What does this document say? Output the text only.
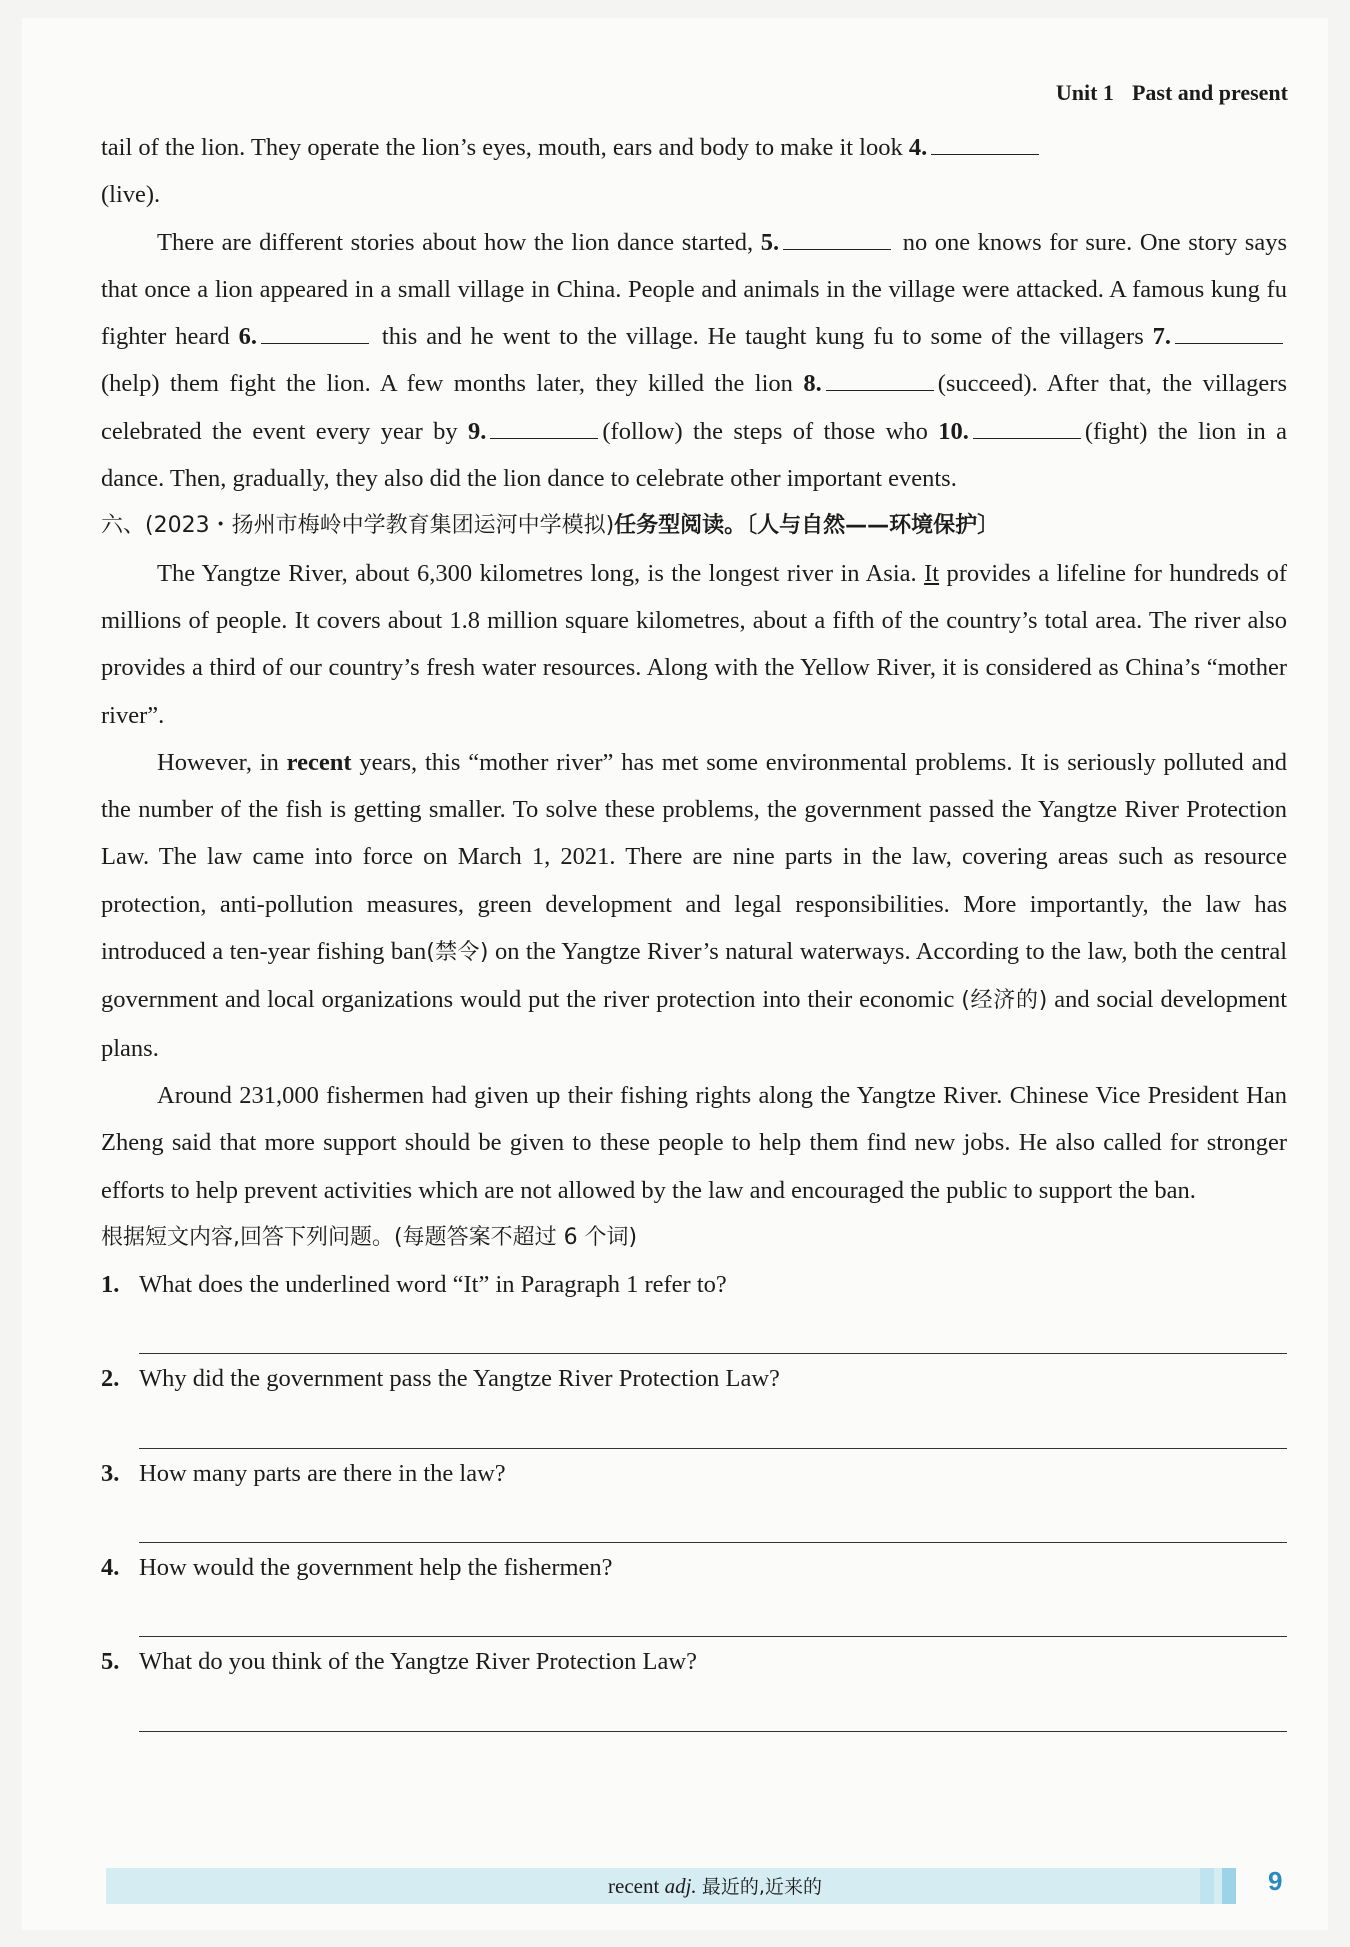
Unit 1 Past and present

tail of the lion. They operate the lion’s eyes, mouth, ears and body to make it look 4.
(live).

There are different stories about how the lion dance started, 5.	no one knows for sure. One story says that once a lion appeared in a small village in China. People and animals in the village were attacked. A famous kung fu fighter heard 6.	this and he went to the village. He taught kung fu to some of the villagers 7.(help) them fight the lion. A few months later, they killed the lion 8.	(succeed). After that, the villagers celebrated the event every year by 9.	(follow) the steps of those who 10.	(fight) the lion in a dance. Then, gradually, they also did the lion dance to celebrate other important events.

六、(2023・扬州市梅岭中学教育集团运河中学模拟)任务型阅读。〔人与自然——环境保护〕

The Yangtze River, about 6,300 kilometres long, is the longest river in Asia. It provides a lifeline for hundreds of millions of people. It covers about 1.8 million square kilometres, about a fifth of the country’s total area. The river also provides a third of our country’s fresh water resources. Along with the Yellow River, it is considered as China’s “mother river”.

However, in recent years, this “mother river” has met some environmental problems. It is seriously polluted and the number of the fish is getting smaller. To solve these problems, the government passed the Yangtze River Protection Law. The law came into force on March 1, 2021. There are nine parts in the law, covering areas such as resource protection, anti-pollution measures, green development and legal responsibilities. More importantly, the law has introduced a ten-year fishing ban(禁令) on the Yangtze River’s natural waterways. According to the law, both the central government and local organizations would put the river protection into their economic (经济的) and social development plans.

Around 231,000 fishermen had given up their fishing rights along the Yangtze River. Chinese Vice President Han Zheng said that more support should be given to these people to help them find new jobs. He also called for stronger efforts to help prevent activities which are not allowed by the law and encouraged the public to support the ban.

根据短文内容,回答下列问题。(每题答案不超过 6 个词)

1. What does the underlined word “It” in Paragraph 1 refer to?
2. Why did the government pass the Yangtze River Protection Law?
3. How many parts are there in the law?
4. How would the government help the fishermen?
5. What do you think of the Yangtze River Protection Law?
recent adj. 最近的,近来的	9
